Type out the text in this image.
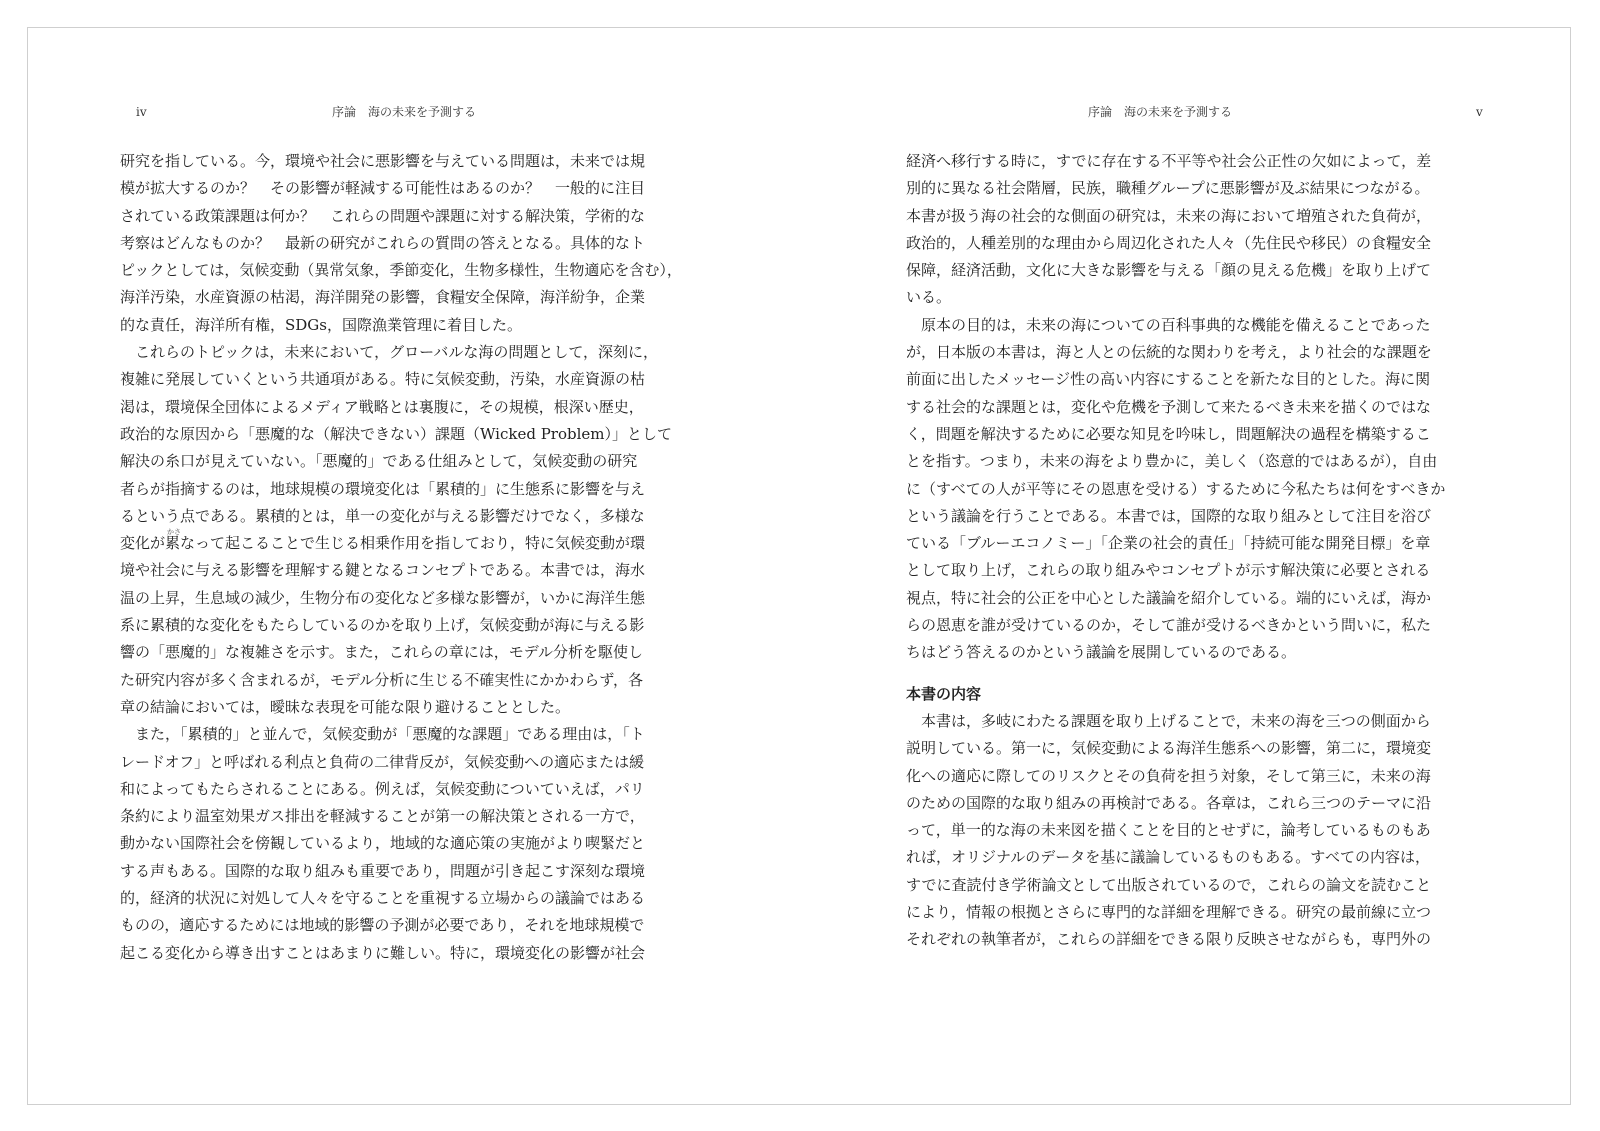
iv	序論　海の未来を予測する
かさ
研究を指している。今，環境や社会に悪影響を与えている問題は，未来では規
模が拡大するのか？　その影響が軽減する可能性はあるのか？　一般的に注目
されている政策課題は何か？　これらの問題や課題に対する解決策，学術的な
考察はどんなものか？　最新の研究がこれらの質問の答えとなる。具体的なト
ピックとしては，気候変動（異常気象，季節変化，生物多様性，生物適応を含む），
海洋汚染，水産資源の枯渇，海洋開発の影響，食糧安全保障，海洋紛争，企業
的な責任，海洋所有権，SDGs，国際漁業管理に着目した。
これらのトピックは，未来において，グローバルな海の問題として，深刻に，
複雑に発展していくという共通項がある。特に気候変動，汚染，水産資源の枯
渇は，環境保全団体によるメディア戦略とは裏腹に，その規模，根深い歴史，
政治的な原因から「悪魔的な（解決できない）課題（Wicked Problem）」として
解決の糸口が見えていない。「悪魔的」である仕組みとして，気候変動の研究
者らが指摘するのは，地球規模の環境変化は「累積的」に生態系に影響を与え
るという点である。累積的とは，単一の変化が与える影響だけでなく，多様な
変化が累なって起こることで生じる相乗作用を指しており，特に気候変動が環
境や社会に与える影響を理解する鍵となるコンセプトである。本書では，海水
温の上昇，生息域の減少，生物分布の変化など多様な影響が，いかに海洋生態
系に累積的な変化をもたらしているのかを取り上げ，気候変動が海に与える影
響の「悪魔的」な複雑さを示す。また，これらの章には，モデル分析を駆使し
た研究内容が多く含まれるが，モデル分析に生じる不確実性にかかわらず，各
章の結論においては，曖昧な表現を可能な限り避けることとした。
また，「累積的」と並んで，気候変動が「悪魔的な課題」である理由は，「ト
レードオフ」と呼ばれる利点と負荷の二律背反が，気候変動への適応または緩
和によってもたらされることにある。例えば，気候変動についていえば，パリ
条約により温室効果ガス排出を軽減することが第一の解決策とされる一方で，
動かない国際社会を傍観しているより，地域的な適応策の実施がより喫緊だと
する声もある。国際的な取り組みも重要であり，問題が引き起こす深刻な環境
的，経済的状況に対処して人々を守ることを重視する立場からの議論ではある
ものの，適応するためには地域的影響の予測が必要であり，それを地球規模で
起こる変化から導き出すことはあまりに難しい。特に，環境変化の影響が社会
序論　海の未来を予測する	v
経済へ移行する時に，すでに存在する不平等や社会公正性の欠如によって，差
別的に異なる社会階層，民族，職種グループに悪影響が及ぶ結果につながる。
本書が扱う海の社会的な側面の研究は，未来の海において増殖された負荷が，
政治的，人種差別的な理由から周辺化された人々（先住民や移民）の食糧安全
保障，経済活動，文化に大きな影響を与える「顔の見える危機」を取り上げて
いる。
原本の目的は，未来の海についての百科事典的な機能を備えることであった
が，日本版の本書は，海と人との伝統的な関わりを考え，より社会的な課題を
前面に出したメッセージ性の高い内容にすることを新たな目的とした。海に関
する社会的な課題とは，変化や危機を予測して来たるべき未来を描くのではな
く，問題を解決するために必要な知見を吟味し，問題解決の過程を構築するこ
とを指す。つまり，未来の海をより豊かに，美しく（恣意的ではあるが），自由
に（すべての人が平等にその恩恵を受ける）するために今私たちは何をすべきか
という議論を行うことである。本書では，国際的な取り組みとして注目を浴び
ている「ブルーエコノミー」「企業の社会的責任」「持続可能な開発目標」を章
として取り上げ，これらの取り組みやコンセプトが示す解決策に必要とされる
視点，特に社会的公正を中心とした議論を紹介している。端的にいえば，海か
らの恩恵を誰が受けているのか，そして誰が受けるべきかという問いに，私た
ちはどう答えるのかという議論を展開しているのである。
本書の内容
本書は，多岐にわたる課題を取り上げることで，未来の海を三つの側面から
説明している。第一に，気候変動による海洋生態系への影響，第二に，環境変
化への適応に際してのリスクとその負荷を担う対象，そして第三に，未来の海
のための国際的な取り組みの再検討である。各章は，これら三つのテーマに沿
って，単一的な海の未来図を描くことを目的とせずに，論考しているものもあ
れば，オリジナルのデータを基に議論しているものもある。すべての内容は，
すでに査読付き学術論文として出版されているので，これらの論文を読むこと
により，情報の根拠とさらに専門的な詳細を理解できる。研究の最前線に立つ
それぞれの執筆者が，これらの詳細をできる限り反映させながらも，専門外の
